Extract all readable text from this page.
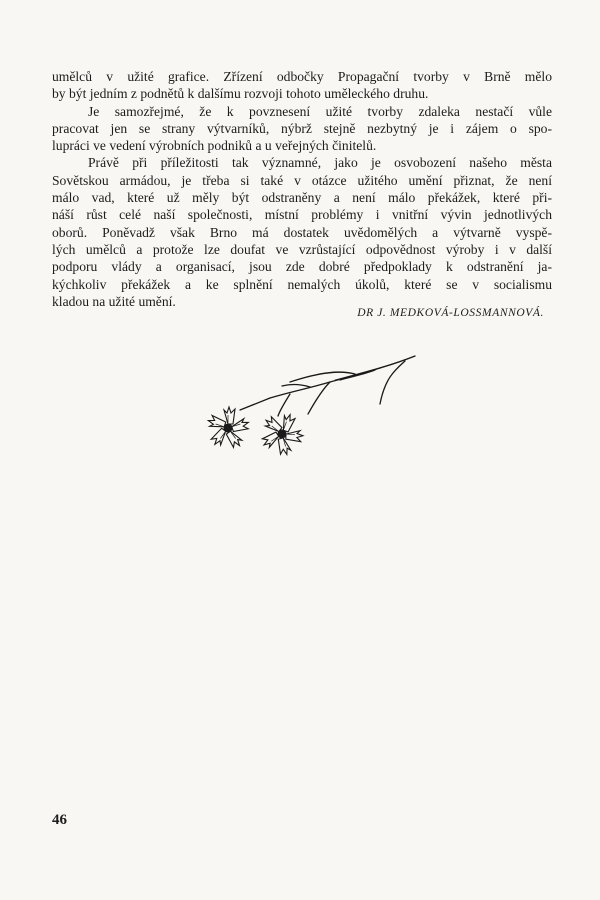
umělců v užité grafice. Zřízení odbočky Propagační tvorby v Brně mělo
by být jedním z podnětů k dalšímu rozvoji tohoto uměleckého druhu.

Je samozřejmé, že k povznesení užité tvorby zdaleka nestačí vůle
pracovat jen se strany výtvarníků, nýbrž stejně nezbytný je i zájem o spo-
lupráci ve vedení výrobních podniků a u veřejných činitelů.

Právě při příležitosti tak významné, jako je osvobození našeho města
Sovětskou armádou, je třeba si také v otázce užitého umění přiznat, že není
málo vad, které už měly být odstraněny a není málo překážek, které při-
náší růst celé naší společnosti, místní problémy i vnitřní vývin jednotlivých
oborů. Poněvadž však Brno má dostatek uvědomělých a výtvarně vyspě-
lých umělců a protože lze doufat ve vzrůstající odpovědnost výroby i v další
podporu vlády a organisací, jsou zde dobré předpoklady k odstranění ja-
kýchkoliv překážek a ke splnění nemalých úkolů, které se v socialismu
kladou na užité umění.

DR J. MEDKOVÁ-LOSSMANNOVÁ.
46
